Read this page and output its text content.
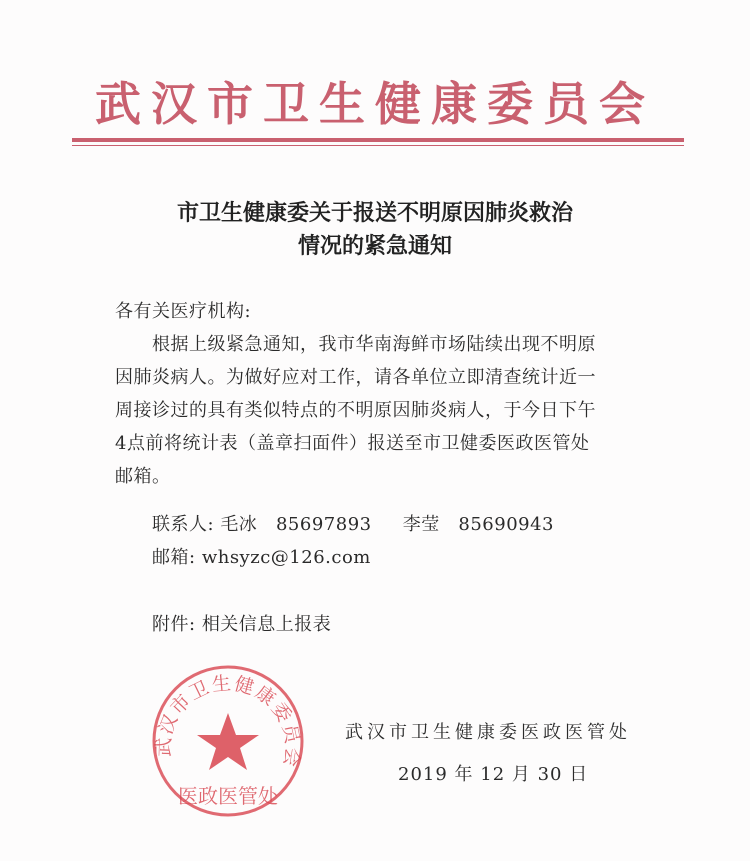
武汉市卫生健康委员会
市卫生健康委关于报送不明原因肺炎救治
情况的紧急通知
各有关医疗机构:
根据上级紧急通知，我市华南海鲜市场陆续出现不明原
因肺炎病人。为做好应对工作，请各单位立即清查统计近一
周接诊过的具有类似特点的不明原因肺炎病人，于今日下午
4点前将统计表（盖章扫面件）报送至市卫健委医政医管处
邮箱。
联系人: 毛冰 85697893 李莹 85690943
邮箱: whsyzc@126.com
附件: 相关信息上报表
武汉市卫生健康委员会
医政医管处
武汉市卫生健康委医政医管处
2019 年 12 月 30 日
